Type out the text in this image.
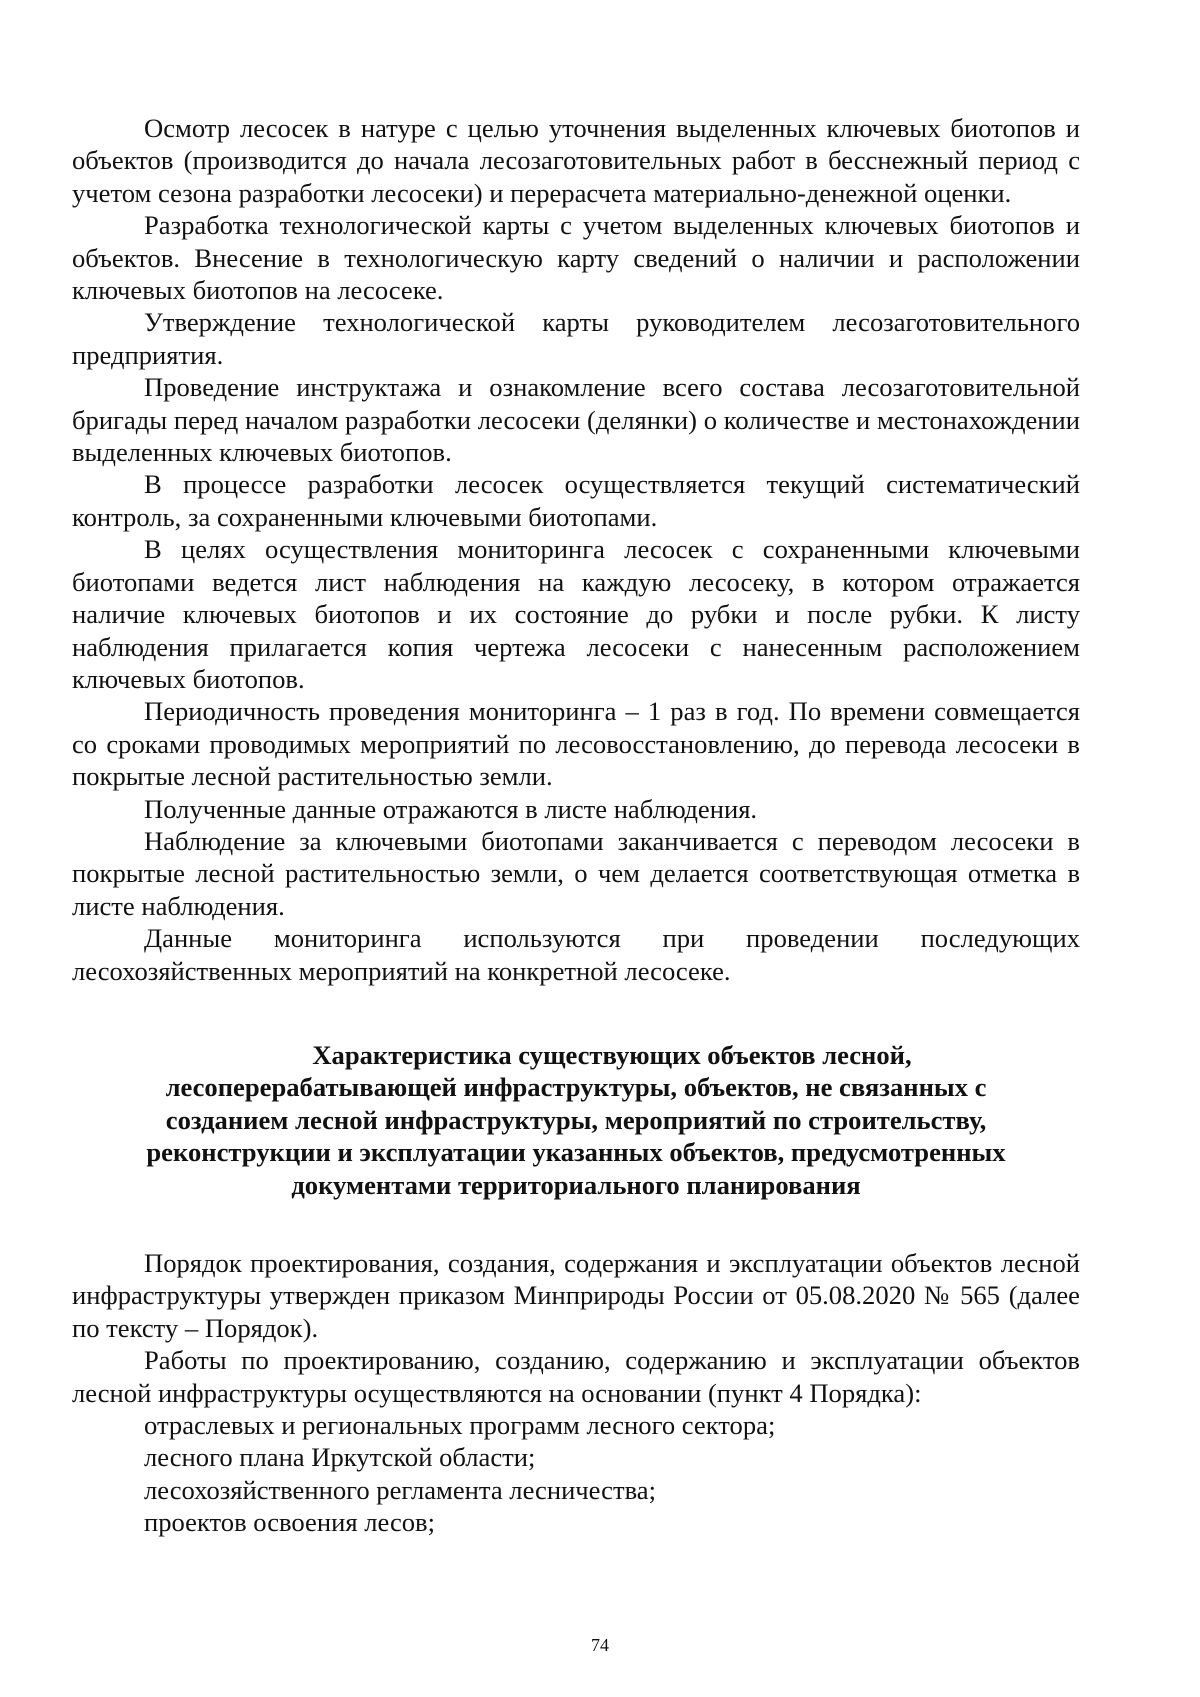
Осмотр лесосек в натуре с целью уточнения выделенных ключевых биотопов и объектов (производится до начала лесозаготовительных работ в бесснежный период с учетом сезона разработки лесосеки) и перерасчета материально-денежной оценки.

Разработка технологической карты с учетом выделенных ключевых биотопов и объектов. Внесение в технологическую карту сведений о наличии и расположении ключевых биотопов на лесосеке.

Утверждение технологической карты руководителем лесозаготовительного предприятия.

Проведение инструктажа и ознакомление всего состава лесозаготовительной бригады перед началом разработки лесосеки (делянки) о количестве и местонахождении выделенных ключевых биотопов.

В процессе разработки лесосек осуществляется текущий систематический контроль, за сохраненными ключевыми биотопами.

В целях осуществления мониторинга лесосек с сохраненными ключевыми биотопами ведется лист наблюдения на каждую лесосеку, в котором отражается наличие ключевых биотопов и их состояние до рубки и после рубки. К листу наблюдения прилагается копия чертежа лесосеки с нанесенным расположением ключевых биотопов.

Периодичность проведения мониторинга – 1 раз в год. По времени совмещается со сроками проводимых мероприятий по лесовосстановлению, до перевода лесосеки в покрытые лесной растительностью земли.

Полученные данные отражаются в листе наблюдения.

Наблюдение за ключевыми биотопами заканчивается с переводом лесосеки в покрытые лесной растительностью земли, о чем делается соответствующая отметка в листе наблюдения.

Данные мониторинга используются при проведении последующих лесохозяйственных мероприятий на конкретной лесосеке.

Характеристика существующих объектов лесной,
лесоперерабатывающей инфраструктуры, объектов, не связанных с
созданием лесной инфраструктуры, мероприятий по строительству,
реконструкции и эксплуатации указанных объектов, предусмотренных
документами территориального планирования

Порядок проектирования, создания, содержания и эксплуатации объектов лесной инфраструктуры утвержден приказом Минприроды России от 05.08.2020 № 565 (далее по тексту – Порядок).

Работы по проектированию, созданию, содержанию и эксплуатации объектов лесной инфраструктуры осуществляются на основании (пункт 4 Порядка):

отраслевых и региональных программ лесного сектора;

лесного плана Иркутской области;

лесохозяйственного регламента лесничества;

проектов освоения лесов;

74
